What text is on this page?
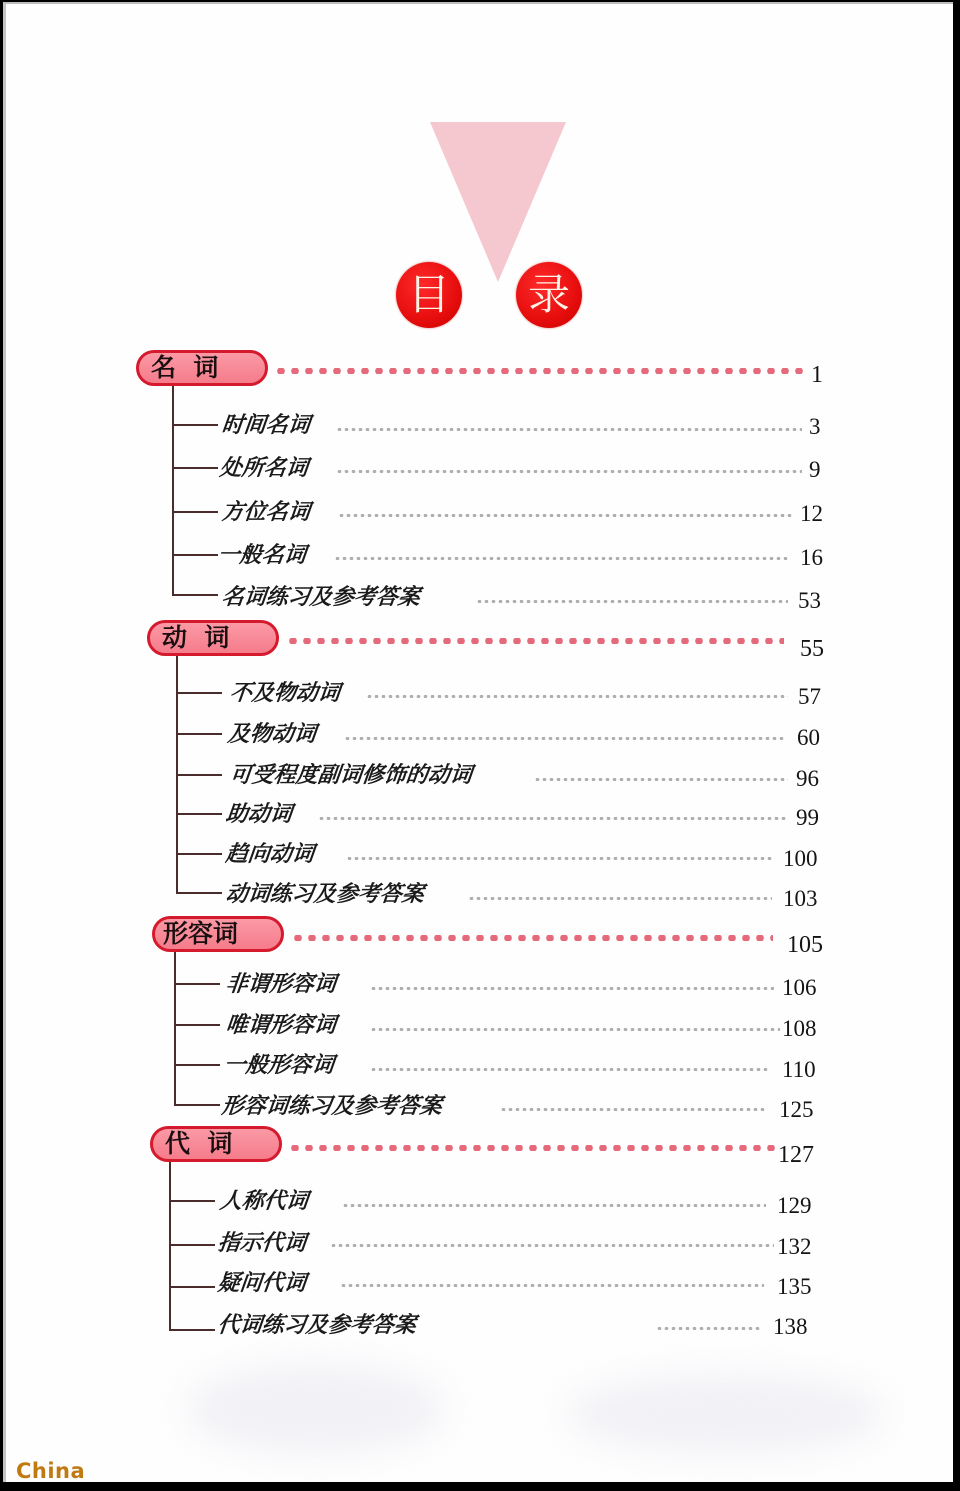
目 录
名  词	1
时间名词	3
处所名词	9
方位名词	12
一般名词	16
名词练习及参考答案	53
动  词	55
不及物动词	57
及物动词	60
可受程度副词修饰的动词	96
助动词	99
趋向动词	100
动词练习及参考答案	103
形容词	105
非谓形容词	106
唯谓形容词	108
一般形容词	110
形容词练习及参考答案	125
代  词	127
人称代词	129
指示代词	132
疑问代词	135
代词练习及参考答案	138
China
